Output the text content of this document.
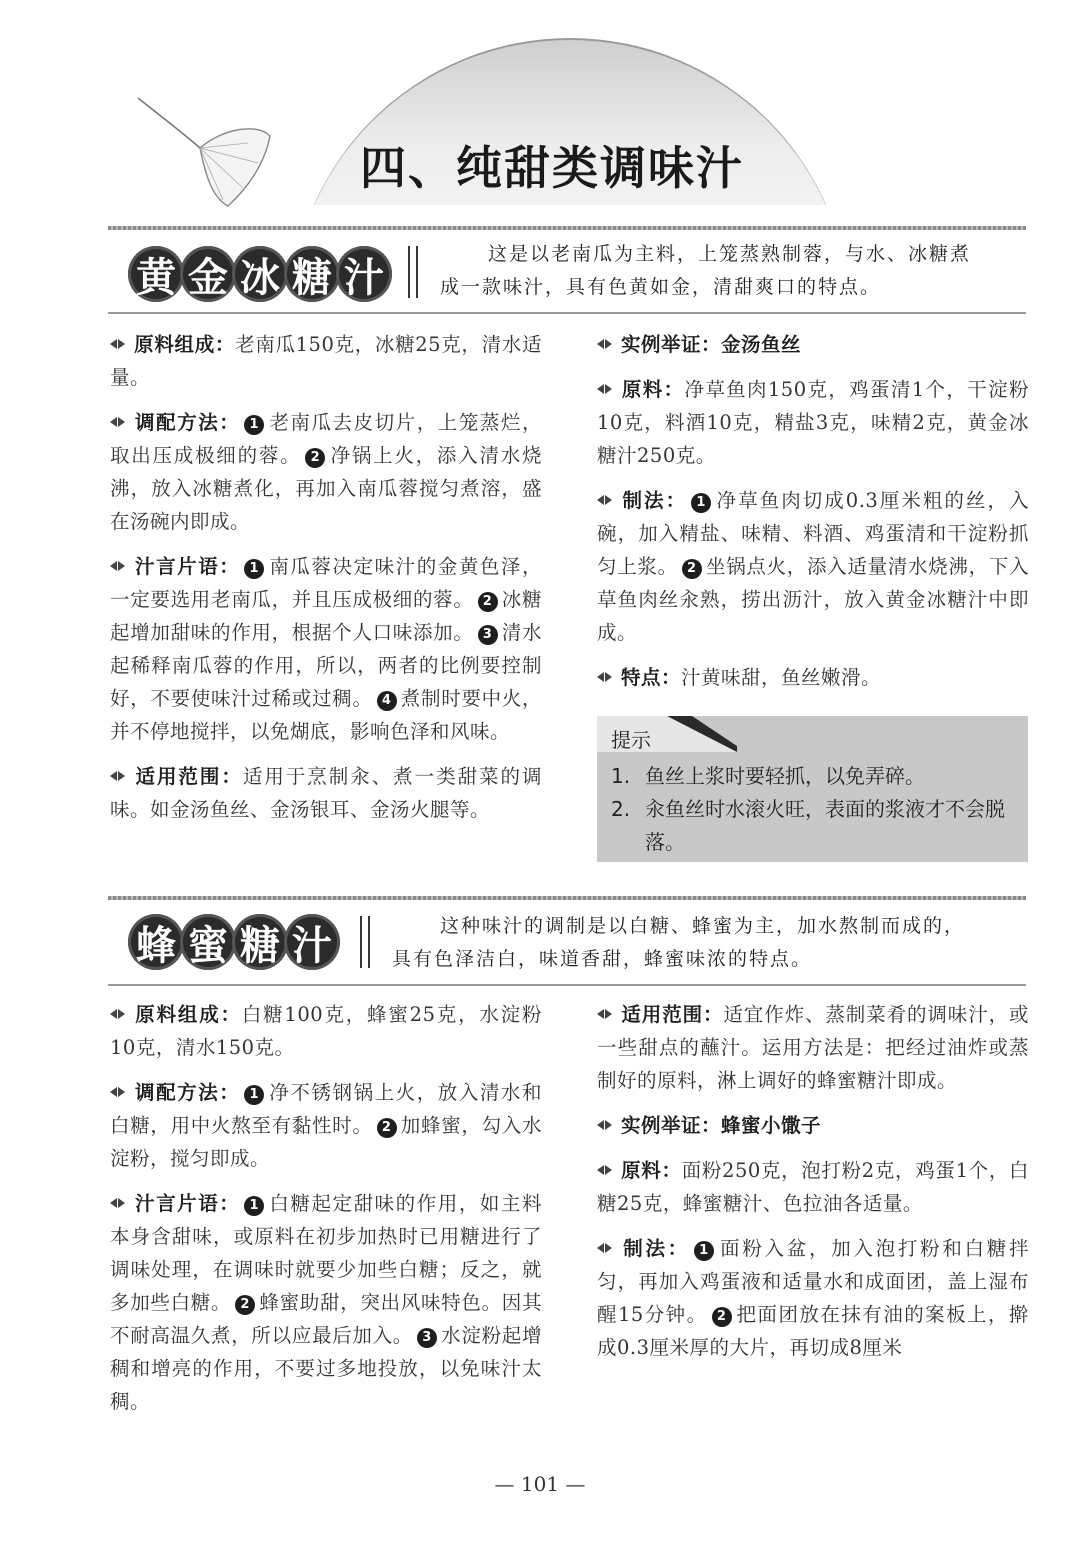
四、纯甜类调味汁
黄 金 冰 糖 汁
这是以老南瓜为主料，上笼蒸熟制蓉，与水、冰糖煮
成一款味汁，具有色黄如金，清甜爽口的特点。

原料组成：老南瓜150克，冰糖25克，清水适量。

调配方法： 1 老南瓜去皮切片，上笼蒸烂，取出压成极细的蓉。 2 净锅上火，添入清水烧沸，放入冰糖煮化，再加入南瓜蓉搅匀煮溶，盛在汤碗内即成。

汁言片语： 1 南瓜蓉决定味汁的金黄色泽，一定要选用老南瓜，并且压成极细的蓉。 2 冰糖起增加甜味的作用，根据个人口味添加。 3 清水起稀释南瓜蓉的作用，所以，两者的比例要控制好，不要使味汁过稀或过稠。 4 煮制时要中火，并不停地搅拌，以免煳底，影响色泽和风味。

适用范围：适用于烹制汆、煮一类甜菜的调味。如金汤鱼丝、金汤银耳、金汤火腿等。

实例举证：金汤鱼丝

原料：净草鱼肉150克，鸡蛋清1个，干淀粉10克，料酒10克，精盐3克，味精2克，黄金冰糖汁250克。

制法： 1 净草鱼肉切成0.3厘米粗的丝，入碗，加入精盐、味精、料酒、鸡蛋清和干淀粉抓匀上浆。 2 坐锅点火，添入适量清水烧沸，下入草鱼肉丝汆熟，捞出沥汁，放入黄金冰糖汁中即成。

特点：汁黄味甜，鱼丝嫩滑。

提示
1. 鱼丝上浆时要轻抓，以免弄碎。
2. 汆鱼丝时水滚火旺，表面的浆液才不会脱落。
蜂 蜜 糖 汁	这种味汁的调制是以白糖、蜂蜜为主，加水熬制而成的，
具有色泽洁白，味道香甜，蜂蜜味浓的特点。

原料组成：白糖100克，蜂蜜25克，水淀粉10克，清水150克。

调配方法： 1 净不锈钢锅上火，放入清水和白糖，用中火熬至有黏性时。 2 加蜂蜜，勾入水淀粉，搅匀即成。

汁言片语： 1 白糖起定甜味的作用，如主料本身含甜味，或原料在初步加热时已用糖进行了调味处理，在调味时就要少加些白糖；反之，就多加些白糖。 2 蜂蜜助甜，突出风味特色。因其不耐高温久煮，所以应最后加入。 3 水淀粉起增稠和增亮的作用，不要过多地投放，以免味汁太稠。

适用范围：适宜作炸、蒸制菜肴的调味汁，或一些甜点的蘸汁。运用方法是：把经过油炸或蒸制好的原料，淋上调好的蜂蜜糖汁即成。

实例举证：蜂蜜小馓子

原料：面粉250克，泡打粉2克，鸡蛋1个，白糖25克，蜂蜜糖汁、色拉油各适量。

制法： 1 面粉入盆，加入泡打粉和白糖拌匀，再加入鸡蛋液和适量水和成面团，盖上湿布醒15分钟。 2 把面团放在抹有油的案板上，擀成0.3厘米厚的大片，再切成8厘米

— 101 —
